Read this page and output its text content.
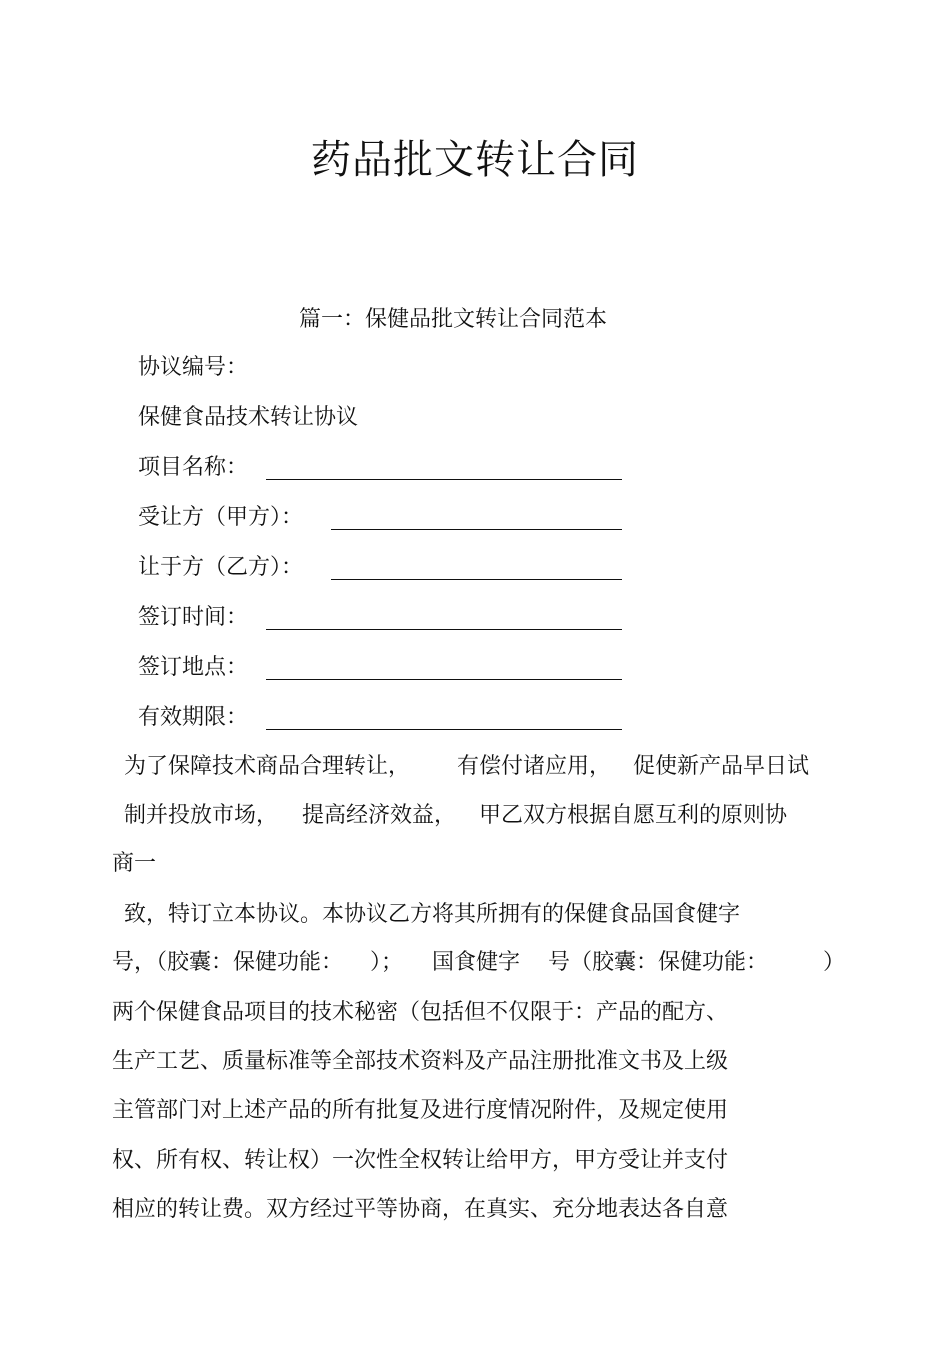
药品批文转让合同
篇一：保健品批文转让合同范本
协议编号：
保健食品技术转让协议
项目名称：
受让方（甲方）：
让于方（乙方）：
签订时间：
签订地点：
有效期限：
为了保障技术商品合理转让， 有偿付诸应用， 促使新产品早日试
制并投放市场， 提高经济效益， 甲乙双方根据自愿互利的原则协
商一
致，特订立本协议。本协议乙方将其所拥有的保健食品国食健字
号，（胶囊：保健功能： ）； 国食健字 号（胶囊：保健功能： ）
两个保健食品项目的技术秘密（包括但不仅限于：产品的配方、
生产工艺、质量标准等全部技术资料及产品注册批准文书及上级
主管部门对上述产品的所有批复及进行度情况附件，及规定使用
权、所有权、转让权）一次性全权转让给甲方，甲方受让并支付
相应的转让费。双方经过平等协商，在真实、充分地表达各自意
